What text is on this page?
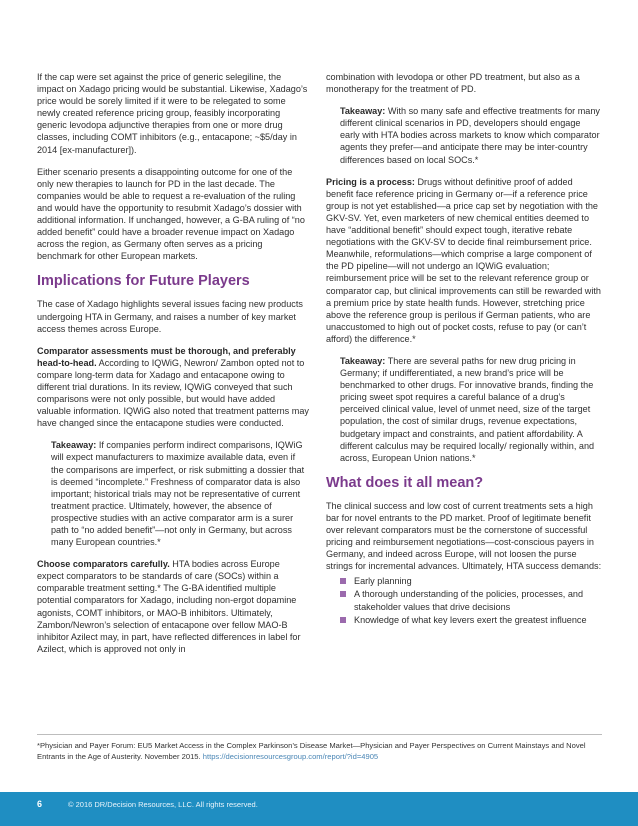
If the cap were set against the price of generic selegiline, the impact on Xadago pricing would be substantial. Likewise, Xadago’s price would be sorely limited if it were to be relegated to some newly created reference pricing group, feasibly incorporating generic levodopa adjunctive therapies from one or more drug classes, including COMT inhibitors (e.g., entacapone; ~$5/day in 2014 [ex-manufacturer]).

Either scenario presents a disappointing outcome for one of the only new therapies to launch for PD in the last decade. The companies would be able to request a re-evaluation of the ruling and would have the opportunity to resubmit Xadago’s dossier with additional information. If unchanged, however, a G-BA ruling of “no added benefit” could have a broader revenue impact on Xadago across the region, as Germany often serves as a pricing benchmark for other European markets.

Implications for Future Players

The case of Xadago highlights several issues facing new products undergoing HTA in Germany, and raises a number of key market access themes across Europe.

Comparator assessments must be thorough, and preferably head-to-head. According to IQWiG, Newron/ Zambon opted not to compare long-term data for Xadago and entacapone owing to different trial durations. In its review, IQWiG conveyed that such comparisons were not only possible, but would have added valuable information. IQWiG also noted that treatment patterns may have changed since the entacapone studies were conducted.

Takeaway: If companies perform indirect comparisons, IQWiG will expect manufacturers to maximize available data, even if the comparisons are imperfect, or risk submitting a dossier that is deemed “incomplete.” Freshness of comparator data is also important; historical trials may not be representative of current treatment practice. Ultimately, however, the absence of prospective studies with an active comparator arm is a surer path to “no added benefit”—not only in Germany, but across many European countries.*

Choose comparators carefully. HTA bodies across Europe expect comparators to be standards of care (SOCs) within a comparable treatment setting.* The G-BA identified multiple potential comparators for Xadago, including non-ergot dopamine agonists, COMT inhibitors, or MAO-B inhibitors. Ultimately, Zambon/Newron’s selection of entacapone over fellow MAO-B inhibitor Azilect may, in part, have reflected differences in label for Azilect, which is approved not only in

combination with levodopa or other PD treatment, but also as a monotherapy for the treatment of PD.

Takeaway: With so many safe and effective treatments for many different clinical scenarios in PD, developers should engage early with HTA bodies across markets to know which comparator agents they prefer—and anticipate there may be inter-country differences based on local SOCs.*

Pricing is a process: Drugs without definitive proof of added benefit face reference pricing in Germany or—if a reference price group is not yet established—a price cap set by negotiation with the GKV-SV. Yet, even marketers of new chemical entities deemed to have “additional benefit” should expect tough, iterative rebate negotiations with the GKV-SV to decide final reimbursement price. Meanwhile, reformulations—which comprise a large component of the PD pipeline—will not undergo an IQWiG evaluation; reimbursement price will be set to the relevant reference group or comparator cap, but clinical improvements can still be rewarded with a premium price by state health funds. However, stretching price above the reference group is perilous if German patients, who are unaccustomed to high out of pocket costs, refuse to pay (or can’t afford) the difference.*

Takeaway: There are several paths for new drug pricing in Germany; if undifferentiated, a new brand’s price will be benchmarked to other drugs. For innovative brands, finding the pricing sweet spot requires a careful balance of a drug’s perceived clinical value, level of unmet need, size of the target population, the cost of similar drugs, revenue expectations, budgetary impact and constraints, and patient affordability. A different calculus may be required locally/ regionally within, and across, European Union nations.*

What does it all mean?

The clinical success and low cost of current treatments sets a high bar for novel entrants to the PD market. Proof of legitimate benefit over relevant comparators must be the cornerstone of successful pricing and reimbursement negotiations—cost-conscious payers in Germany, and indeed across Europe, will not loosen the purse strings for incremental advances. Ultimately, HTA success demands:

Early planning
A thorough understanding of the policies, processes, and stakeholder values that drive decisions
Knowledge of what key levers exert the greatest influence
*Physician and Payer Forum: EU5 Market Access in the Complex Parkinson’s Disease Market—Physician and Payer Perspectives on Current Mainstays and Novel Entrants in the Age of Austerity. November 2015. https://decisionresourcesgroup.com/report/?id=4905
6	© 2016 DR/Decision Resources, LLC. All rights reserved.
